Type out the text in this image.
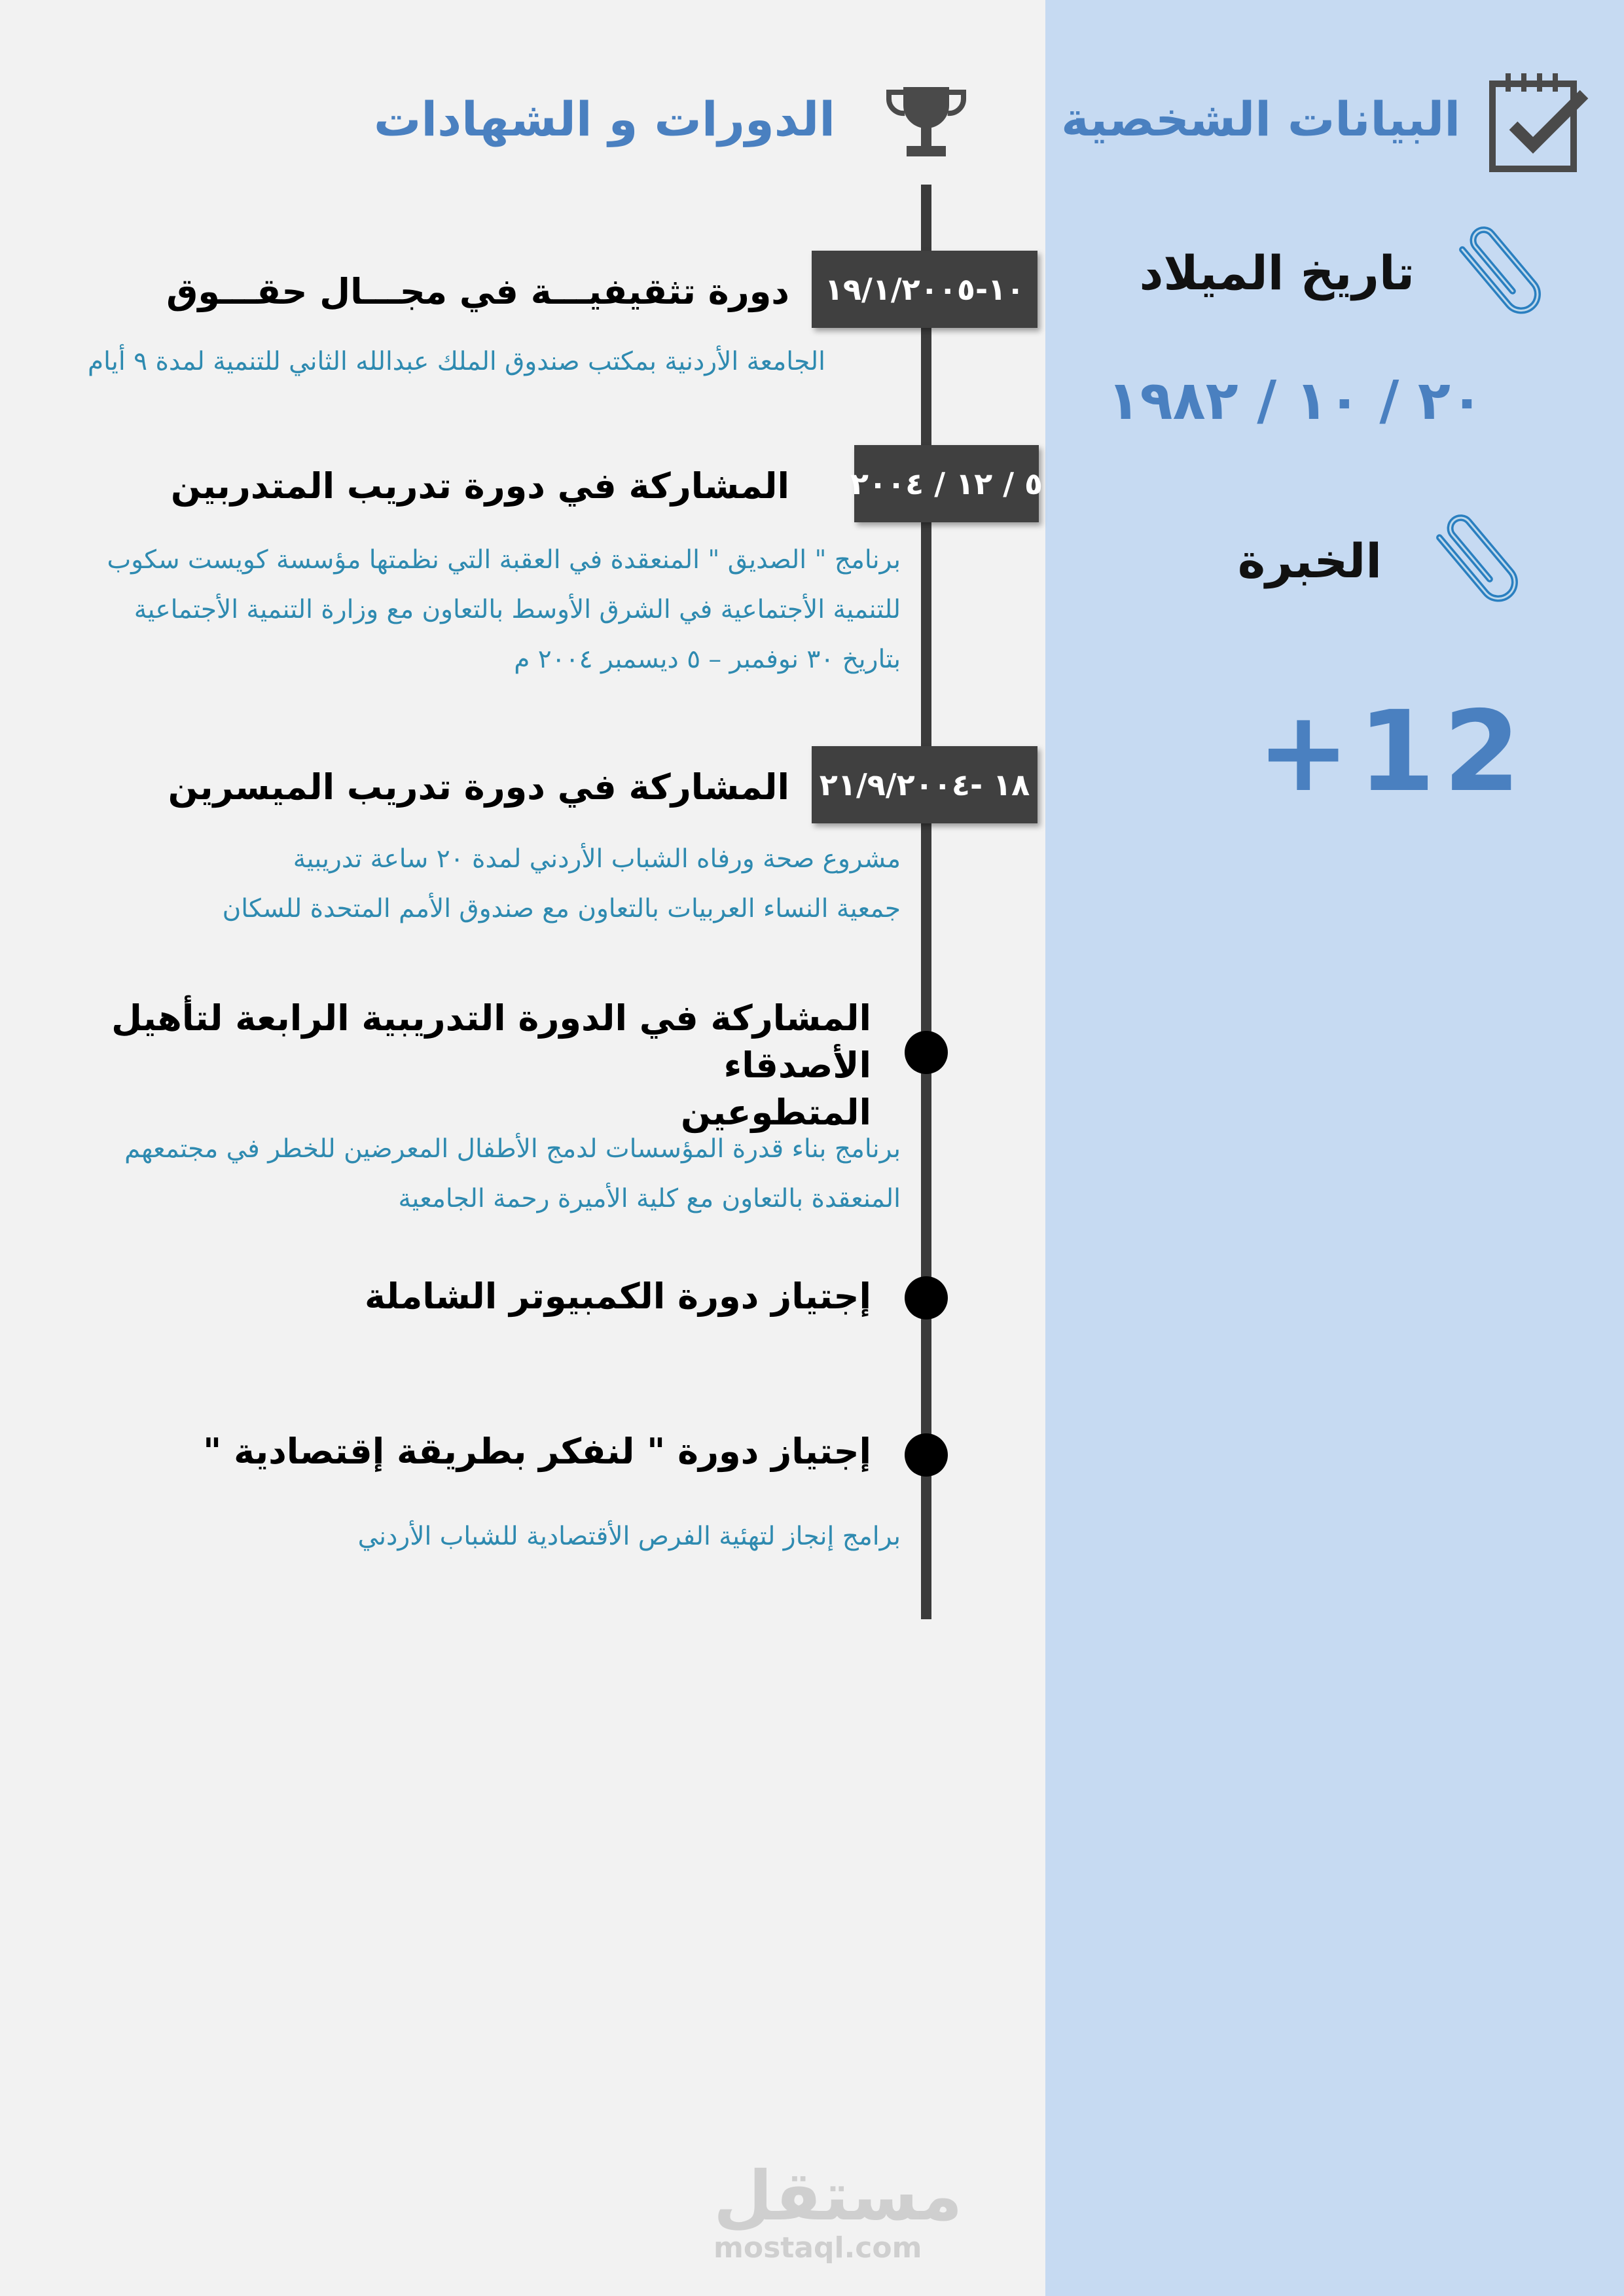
البيانات الشخصية
تاريخ الميلاد
٢٠ / ١٠ / ١٩٨٢
الخبرة
+12
الدورات و الشهادات
١٠-١٩/١/٢٠٠٥
دورة تثقيفيـــة في مجـــال حقـــوق
الجامعة الأردنية بمكتب صندوق الملك عبدالله الثاني للتنمية لمدة ٩ أيام
٥ / ١٢ / ٢٠٠٤
المشاركة في دورة تدريب المتدربين
برنامج " الصديق " المنعقدة في العقبة التي نظمتها مؤسسة كويست سكوب
للتنمية الأجتماعية في الشرق الأوسط بالتعاون مع وزارة التنمية الأجتماعية
بتاريخ ٣٠ نوفمبر – ٥ ديسمبر ٢٠٠٤ م
١٨ -٢١/٩/٢٠٠٤
المشاركة في دورة تدريب الميسرين
مشروع صحة ورفاه الشباب الأردني لمدة ٢٠ ساعة تدريبية
جمعية النساء العربيات بالتعاون مع صندوق الأمم المتحدة للسكان
المشاركة في الدورة التدريبية الرابعة لتأهيل الأصدقاء
المتطوعين
برنامج بناء قدرة المؤسسات لدمج الأطفال المعرضين للخطر في مجتمعهم
المنعقدة بالتعاون مع كلية الأميرة رحمة الجامعية
إجتياز دورة الكمبيوتر الشاملة
إجتياز دورة " لنفكر بطريقة إقتصادية "
برامج إنجاز لتهئية الفرص الأقتصادية للشباب الأردني
مستقل
mostaql.com
